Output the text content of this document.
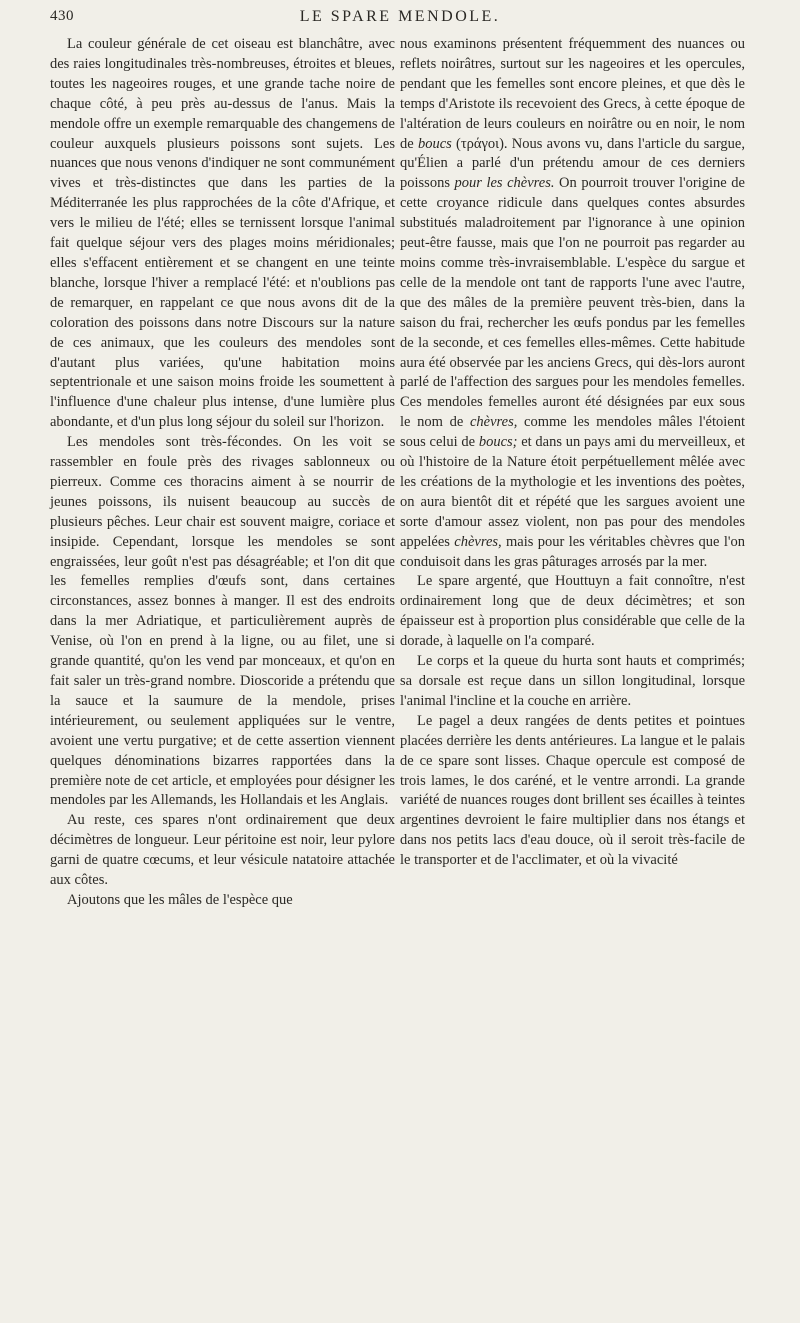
430	LE SPARE MENDOLE.

La couleur générale de cet oiseau est blanchâtre, avec des raies longitudinales très-nombreuses, étroites et bleues, toutes les nageoires rouges, et une grande tache noire de chaque côté, à peu près au-dessus de l'anus. Mais la mendole offre un exemple remarquable des changemens de couleur auxquels plusieurs poissons sont sujets. Les nuances que nous venons d'indiquer ne sont communément vives et très-distinctes que dans les parties de la Méditerranée les plus rapprochées de la côte d'Afrique, et vers le milieu de l'été; elles se ternissent lorsque l'animal fait quelque séjour vers des plages moins méridionales; elles s'effacent entièrement et se changent en une teinte blanche, lorsque l'hiver a remplacé l'été: et n'oublions pas de remarquer, en rappelant ce que nous avons dit de la coloration des poissons dans notre Discours sur la nature de ces animaux, que les couleurs des mendoles sont d'autant plus variées, qu'une habitation moins septentrionale et une saison moins froide les soumettent à l'influence d'une chaleur plus intense, d'une lumière plus abondante, et d'un plus long séjour du soleil sur l'horizon.

Les mendoles sont très-fécondes. On les voit se rassembler en foule près des rivages sablonneux ou pierreux. Comme ces thoracins aiment à se nourrir de jeunes poissons, ils nuisent beaucoup au succès de plusieurs pêches. Leur chair est souvent maigre, coriace et insipide. Cependant, lorsque les mendoles se sont engraissées, leur goût n'est pas désagréable; et l'on dit que les femelles remplies d'œufs sont, dans certaines circonstances, assez bonnes à manger. Il est des endroits dans la mer Adriatique, et particulièrement auprès de Venise, où l'on en prend à la ligne, ou au filet, une si grande quantité, qu'on les vend par monceaux, et qu'on en fait saler un très-grand nombre. Dioscoride a prétendu que la sauce et la saumure de la mendole, prises intérieurement, ou seulement appliquées sur le ventre, avoient une vertu purgative; et de cette assertion viennent quelques dénominations bizarres rapportées dans la première note de cet article, et employées pour désigner les mendoles par les Allemands, les Hollandais et les Anglais.

Au reste, ces spares n'ont ordinairement que deux décimètres de longueur. Leur péritoine est noir, leur pylore garni de quatre cœcums, et leur vésicule natatoire attachée aux côtes.

Ajoutons que les mâles de l'espèce que

nous examinons présentent fréquemment des nuances ou reflets noirâtres, surtout sur les nageoires et les opercules, pendant que les femelles sont encore pleines, et que dès le temps d'Aristote ils recevoient des Grecs, à cette époque de l'altération de leurs couleurs en noirâtre ou en noir, le nom de boucs (τράγοι). Nous avons vu, dans l'article du sargue, qu'Élien a parlé d'un prétendu amour de ces derniers poissons pour les chèvres. On pourroit trouver l'origine de cette croyance ridicule dans quelques contes absurdes substitués maladroitement par l'ignorance à une opinion peut-être fausse, mais que l'on ne pourroit pas regarder au moins comme très-invraisemblable. L'espèce du sargue et celle de la mendole ont tant de rapports l'une avec l'autre, que des mâles de la première peuvent très-bien, dans la saison du frai, rechercher les œufs pondus par les femelles de la seconde, et ces femelles elles-mêmes. Cette habitude aura été observée par les anciens Grecs, qui dès-lors auront parlé de l'affection des sargues pour les mendoles femelles. Ces mendoles femelles auront été désignées par eux sous le nom de chèvres, comme les mendoles mâles l'étoient sous celui de boucs; et dans un pays ami du merveilleux, et où l'histoire de la Nature étoit perpétuellement mêlée avec les créations de la mythologie et les inventions des poètes, on aura bientôt dit et répété que les sargues avoient une sorte d'amour assez violent, non pas pour des mendoles appelées chèvres, mais pour les véritables chèvres que l'on conduisoit dans les gras pâturages arrosés par la mer.

Le spare argenté, que Houttuyn a fait connoître, n'est ordinairement long que de deux décimètres; et son épaisseur est à proportion plus considérable que celle de la dorade, à laquelle on l'a comparé.

Le corps et la queue du hurta sont hauts et comprimés; sa dorsale est reçue dans un sillon longitudinal, lorsque l'animal l'incline et la couche en arrière.

Le pagel a deux rangées de dents petites et pointues placées derrière les dents antérieures. La langue et le palais de ce spare sont lisses. Chaque opercule est composé de trois lames, le dos caréné, et le ventre arrondi. La grande variété de nuances rouges dont brillent ses écailles à teintes argentines devroient le faire multiplier dans nos étangs et dans nos petits lacs d'eau douce, où il seroit très-facile de le transporter et de l'acclimater, et où la vivacité
